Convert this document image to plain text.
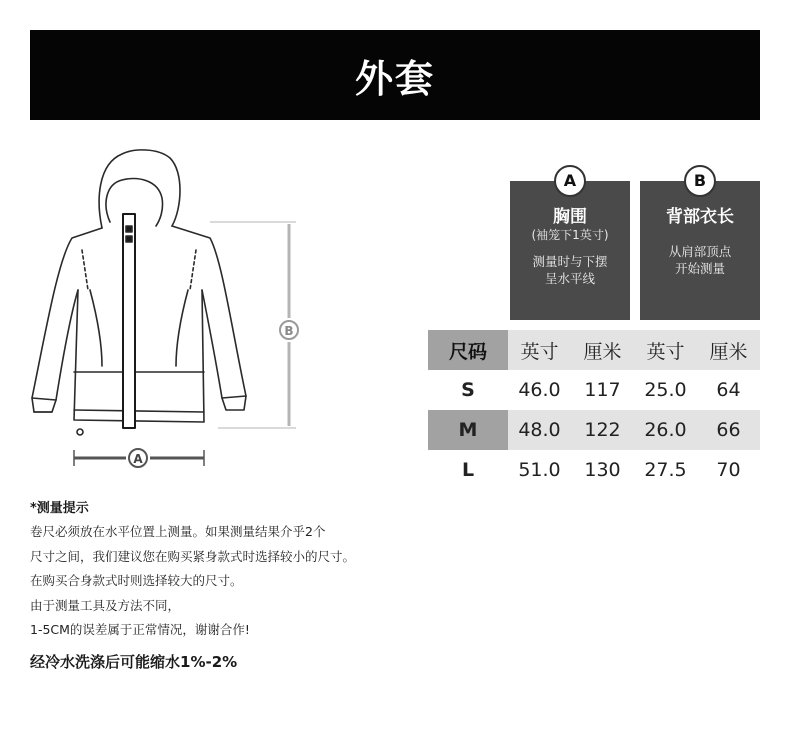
外套
B
A
A
胸围
(袖笼下1英寸)
测量时与下摆
呈水平线
B
背部衣长
从肩部顶点
开始测量
尺码	英寸	厘米	英寸	厘米
S	46.0	117	25.0	64
M	48.0	122	26.0	66
L	51.0	130	27.5	70
*测量提示
卷尺必须放在水平位置上测量。如果测量结果介乎2个
尺寸之间，我们建议您在购买紧身款式时选择较小的尺寸。
在购买合身款式时则选择较大的尺寸。
由于测量工具及方法不同，
1-5CM的误差属于正常情况，谢谢合作!
经冷水洗涤后可能缩水1%-2%
